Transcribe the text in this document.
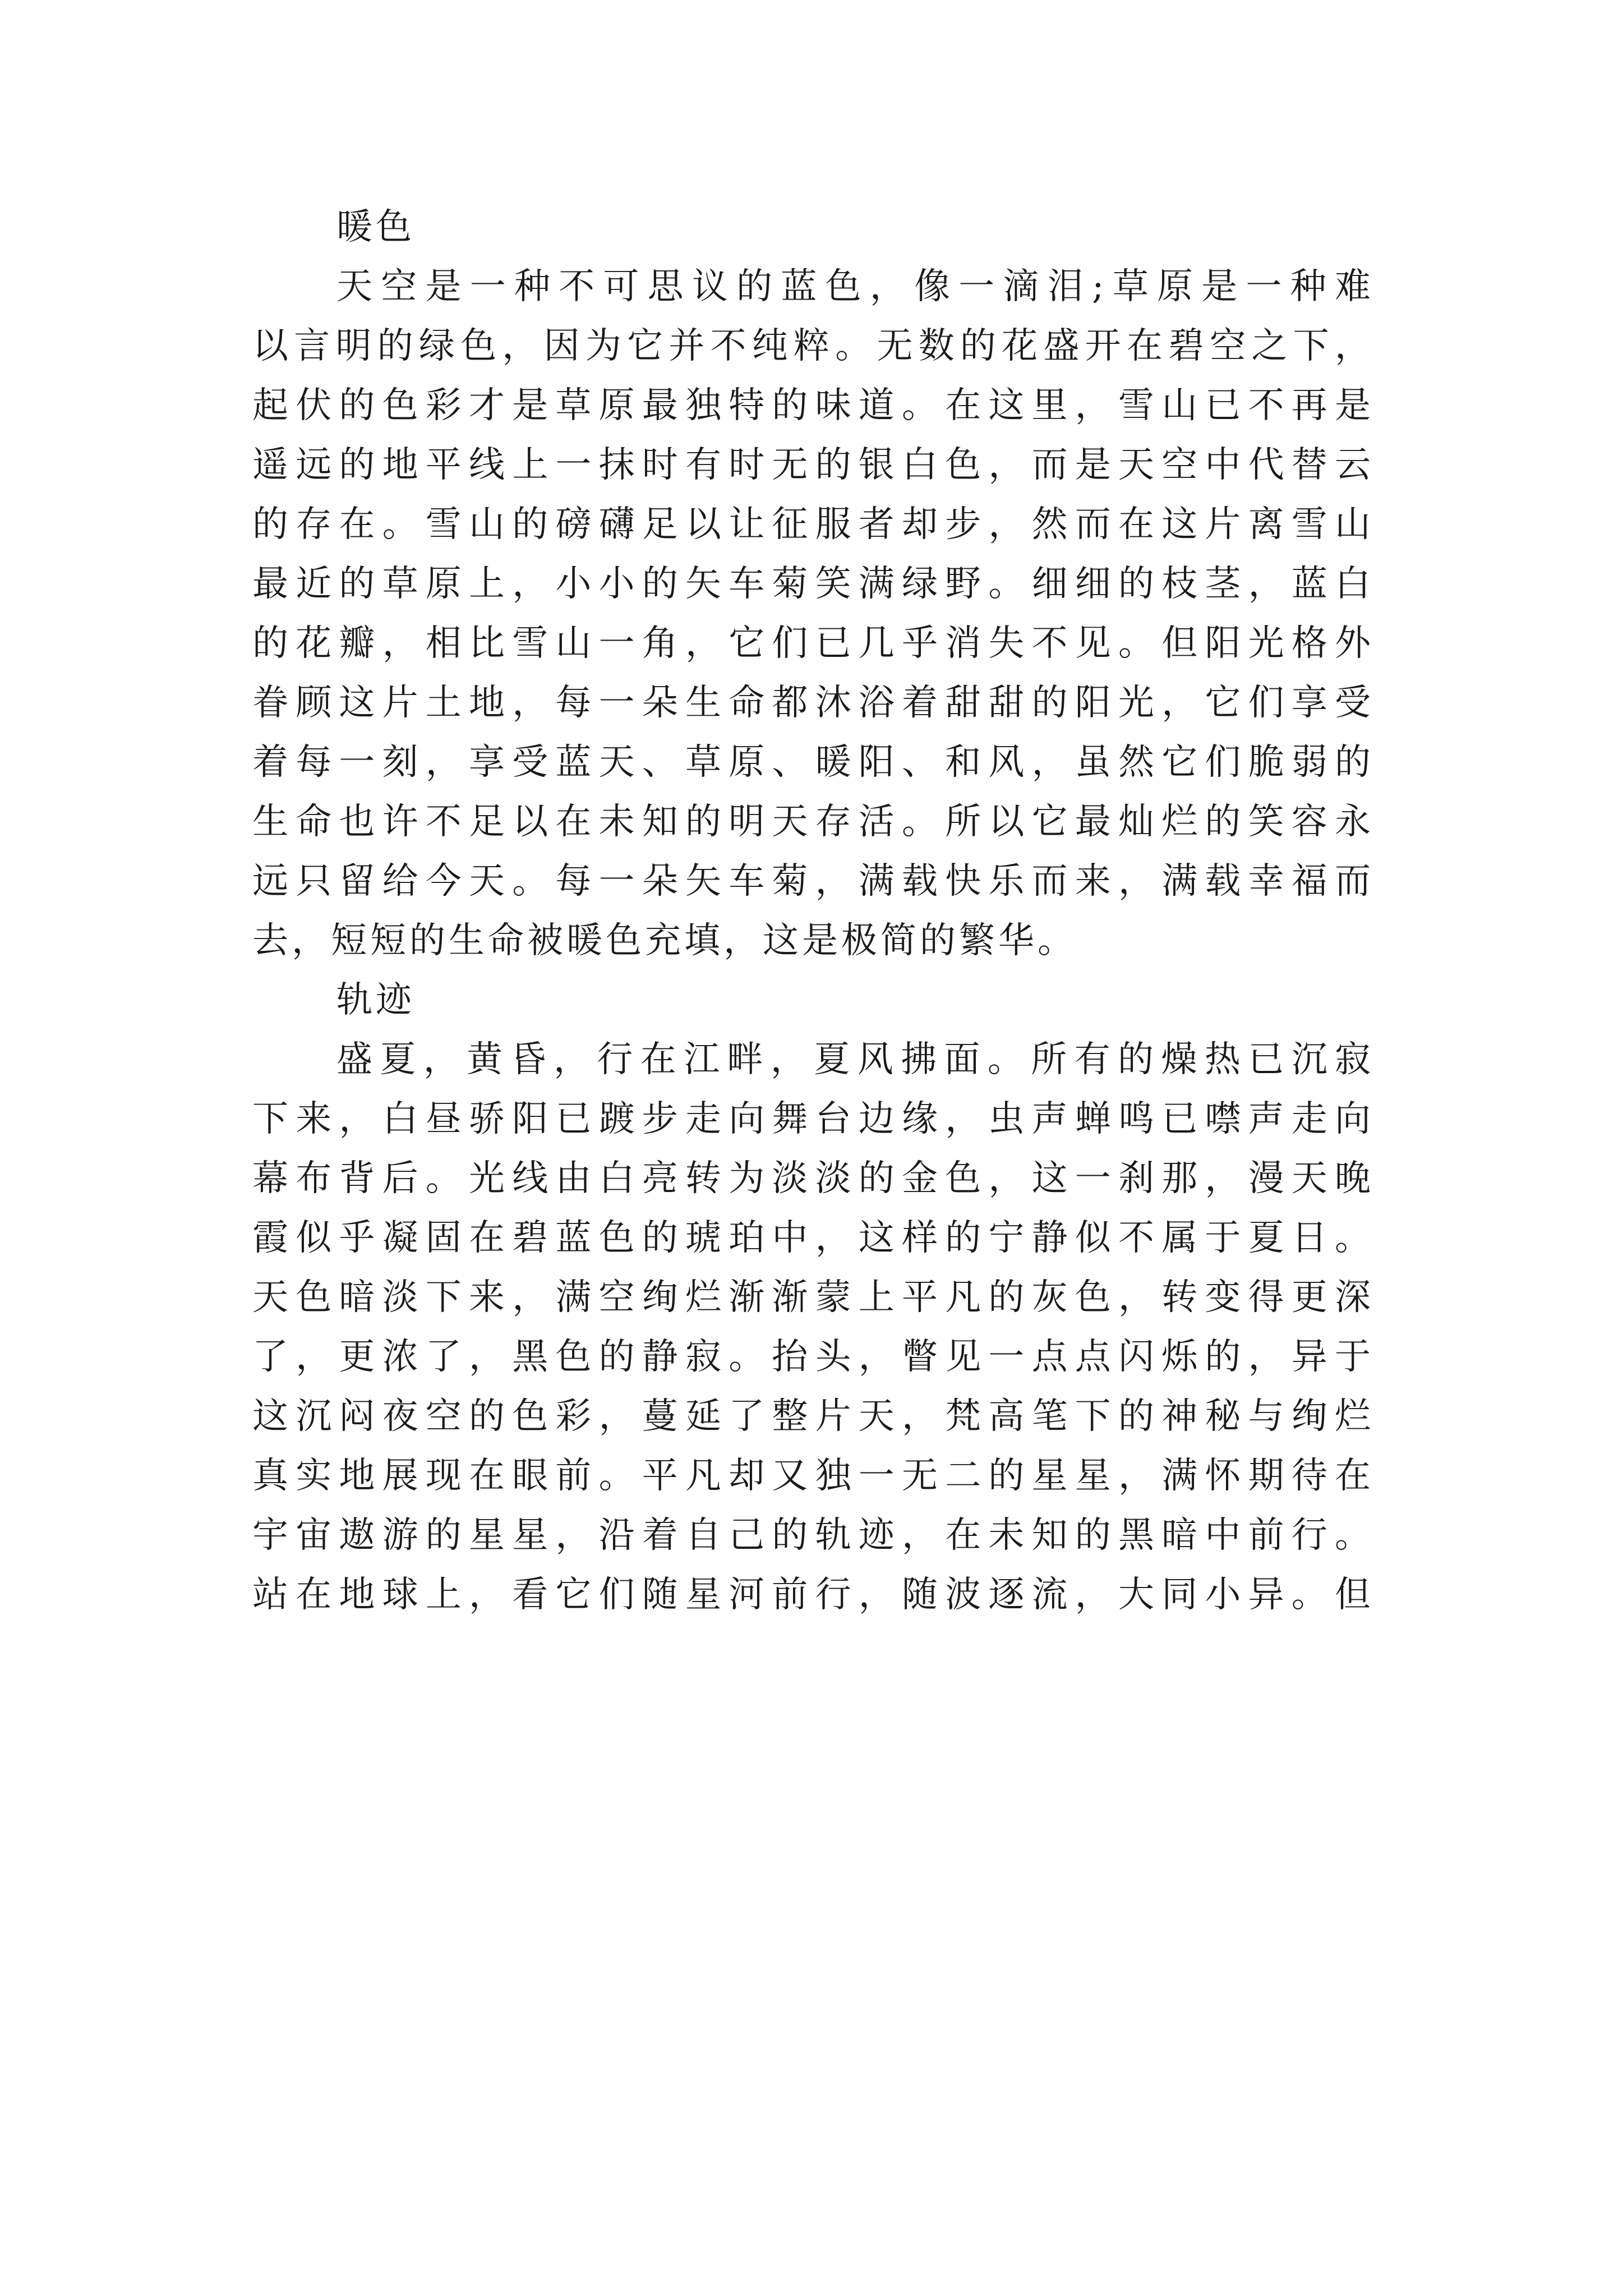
暖色
天空是一种不可思议的蓝色，像一滴泪;草原是一种难
以言明的绿色，因为它并不纯粹。无数的花盛开在碧空之下，
起伏的色彩才是草原最独特的味道。在这里，雪山已不再是
遥远的地平线上一抹时有时无的银白色，而是天空中代替云
的存在。雪山的磅礴足以让征服者却步，然而在这片离雪山
最近的草原上，小小的矢车菊笑满绿野。细细的枝茎，蓝白
的花瓣，相比雪山一角，它们已几乎消失不见。但阳光格外
眷顾这片土地，每一朵生命都沐浴着甜甜的阳光，它们享受
着每一刻，享受蓝天、草原、暖阳、和风，虽然它们脆弱的
生命也许不足以在未知的明天存活。所以它最灿烂的笑容永
远只留给今天。每一朵矢车菊，满载快乐而来，满载幸福而
去，短短的生命被暖色充填，这是极简的繁华。
轨迹
盛夏，黄昏，行在江畔，夏风拂面。所有的燥热已沉寂
下来，白昼骄阳已踱步走向舞台边缘，虫声蝉鸣已噤声走向
幕布背后。光线由白亮转为淡淡的金色，这一刹那，漫天晚
霞似乎凝固在碧蓝色的琥珀中，这样的宁静似不属于夏日。
天色暗淡下来，满空绚烂渐渐蒙上平凡的灰色，转变得更深
了，更浓了，黑色的静寂。抬头，瞥见一点点闪烁的，异于
这沉闷夜空的色彩，蔓延了整片天，梵高笔下的神秘与绚烂
真实地展现在眼前。平凡却又独一无二的星星，满怀期待在
宇宙遨游的星星，沿着自己的轨迹，在未知的黑暗中前行。
站在地球上，看它们随星河前行，随波逐流，大同小异。但
